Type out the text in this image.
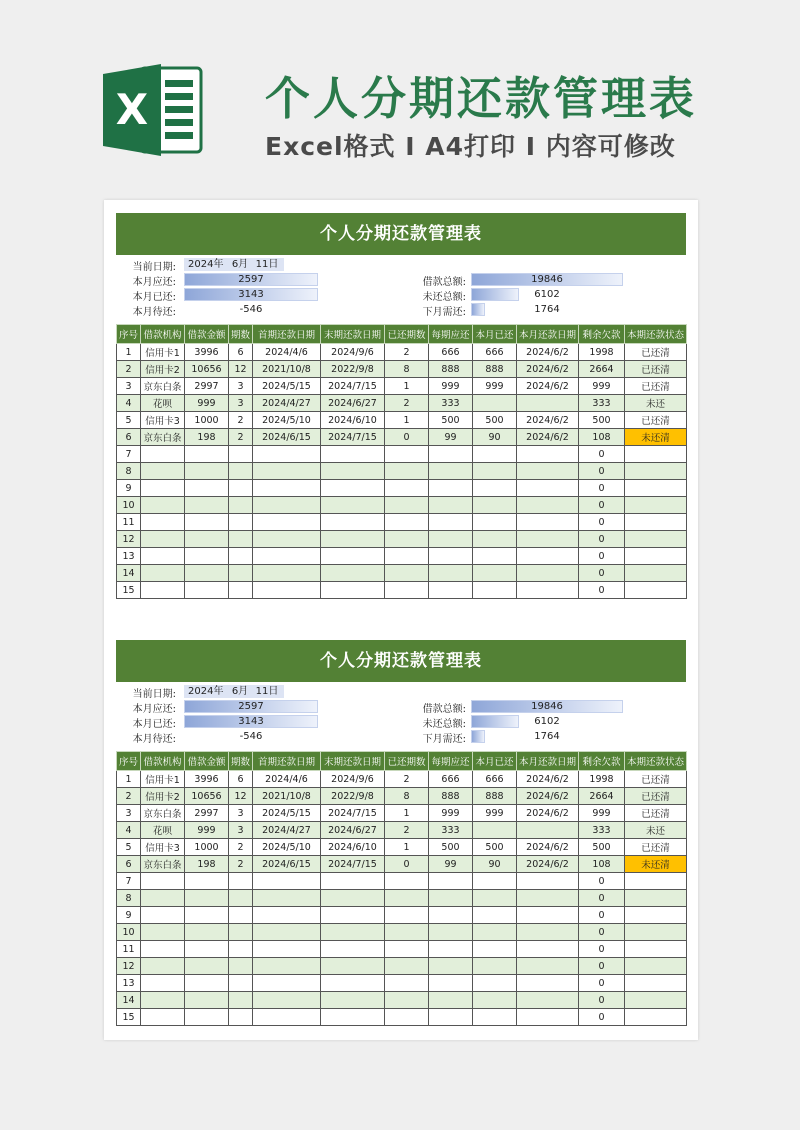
X	个人分期还款管理表
Excel格式 Ⅰ A4打印 Ⅰ 内容可修改
个人分期还款管理表
当前日期: 2024年 6月 11日
本月应还:	2597
本月已还:	3143
本月待还:	-546
借款总额:	19846
未还总额:	6102
下月需还:	1764
序号	借款机构	借款金额	期数	首期还款日期	末期还款日期	已还期数	每期应还	本月已还	本月还款日期	剩余欠款	本期还款状态
1	信用卡1	3996	6	2024/4/6	2024/9/6	2	666	666	2024/6/2	1998	已还清
2	信用卡2	10656	12	2021/10/8	2022/9/8	8	888	888	2024/6/2	2664	已还清
3	京东白条	2997	3	2024/5/15	2024/7/15	1	999	999	2024/6/2	999	已还清
4	花呗	999	3	2024/4/27	2024/6/27	2	333			333	未还
5	信用卡3	1000	2	2024/5/10	2024/6/10	1	500	500	2024/6/2	500	已还清
6	京东白条	198	2	2024/6/15	2024/7/15	0	99	90	2024/6/2	108	未还清
7										0	
8										0	
9										0	
10										0	
11										0	
12										0	
13										0	
14										0	
15										0	
个人分期还款管理表
当前日期: 2024年 6月 11日
本月应还:	2597
本月已还:	3143
本月待还:	-546
借款总额:	19846
未还总额:	6102
下月需还:	1764
序号	借款机构	借款金额	期数	首期还款日期	末期还款日期	已还期数	每期应还	本月已还	本月还款日期	剩余欠款	本期还款状态
1	信用卡1	3996	6	2024/4/6	2024/9/6	2	666	666	2024/6/2	1998	已还清
2	信用卡2	10656	12	2021/10/8	2022/9/8	8	888	888	2024/6/2	2664	已还清
3	京东白条	2997	3	2024/5/15	2024/7/15	1	999	999	2024/6/2	999	已还清
4	花呗	999	3	2024/4/27	2024/6/27	2	333			333	未还
5	信用卡3	1000	2	2024/5/10	2024/6/10	1	500	500	2024/6/2	500	已还清
6	京东白条	198	2	2024/6/15	2024/7/15	0	99	90	2024/6/2	108	未还清
7										0	
8										0	
9										0	
10										0	
11										0	
12										0	
13										0	
14										0	
15										0	
